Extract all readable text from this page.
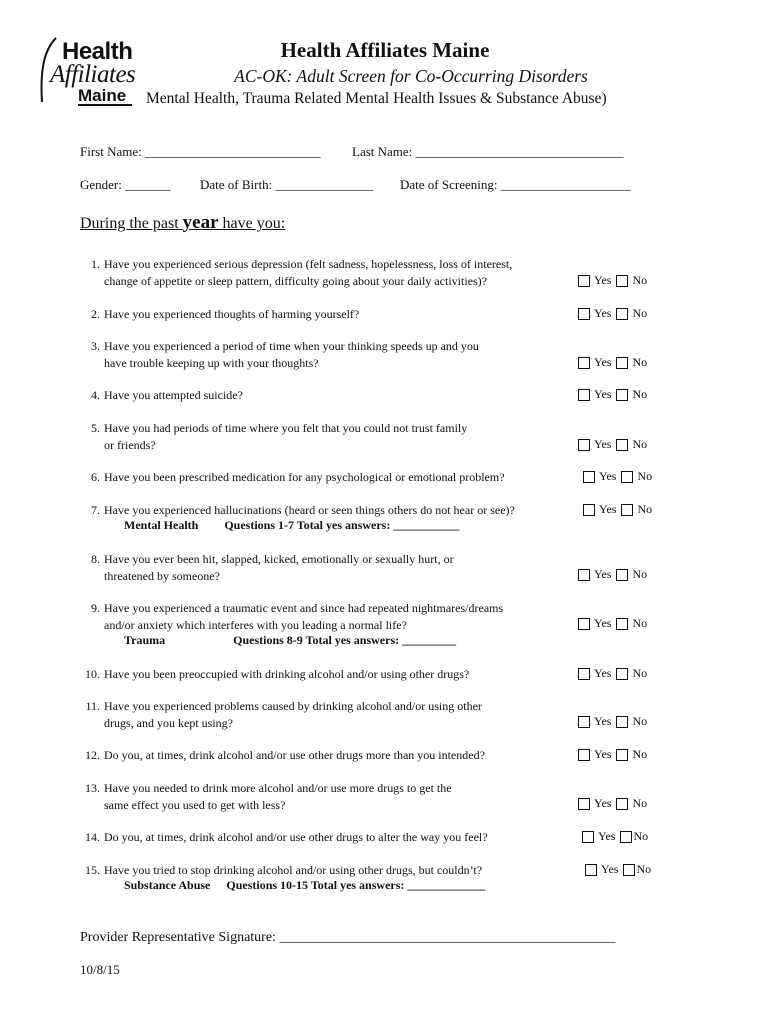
Health
Affiliates
Maine
Health Affiliates Maine
AC-OK: Adult Screen for Co-Occurring Disorders
Mental Health, Trauma Related Mental Health Issues & Substance Abuse)
First Name: ___________________________ Last Name: ________________________________
Gender: _______ Date of Birth: _______________ Date of Screening: ____________________
During the past year have you:
1. Have you experienced serious depression (felt sadness, hopelessness, loss of interest,
change of appetite or sleep pattern, difficulty going about your daily activities)?
2. Have you experienced thoughts of harming yourself?
3. Have you experienced a period of time when your thinking speeds up and you
have trouble keeping up with your thoughts?
4. Have you attempted suicide?
5. Have you had periods of time where you felt that you could not trust family
or friends?
6. Have you been prescribed medication for any psychological or emotional problem?
7. Have you experienced hallucinations (heard or seen things others do not hear or see)?
Mental Health Questions 1-7 Total yes answers: ___________
8. Have you ever been hit, slapped, kicked, emotionally or sexually hurt, or
threatened by someone?
9. Have you experienced a traumatic event and since had repeated nightmares/dreams
and/or anxiety which interferes with you leading a normal life?
Trauma	Questions 8-9 Total yes answers: _________
10. Have you been preoccupied with drinking alcohol and/or using other drugs?
11. Have you experienced problems caused by drinking alcohol and/or using other
drugs, and you kept using?
12. Do you, at times, drink alcohol and/or use other drugs more than you intended?
13. Have you needed to drink more alcohol and/or use more drugs to get the
same effect you used to get with less?
14. Do you, at times, drink alcohol and/or use other drugs to alter the way you feel?
15. Have you tried to stop drinking alcohol and/or using other drugs, but couldn’t?
Substance Abuse Questions 10-15 Total yes answers: _____________
Yes No
Yes No
Yes No
Yes No
Yes No
Yes No
Yes No
Yes No
Yes No
Yes No
Yes No
Yes No
Yes No
Yes No
Yes No
Provider Representative Signature: ________________________________________________
10/8/15
